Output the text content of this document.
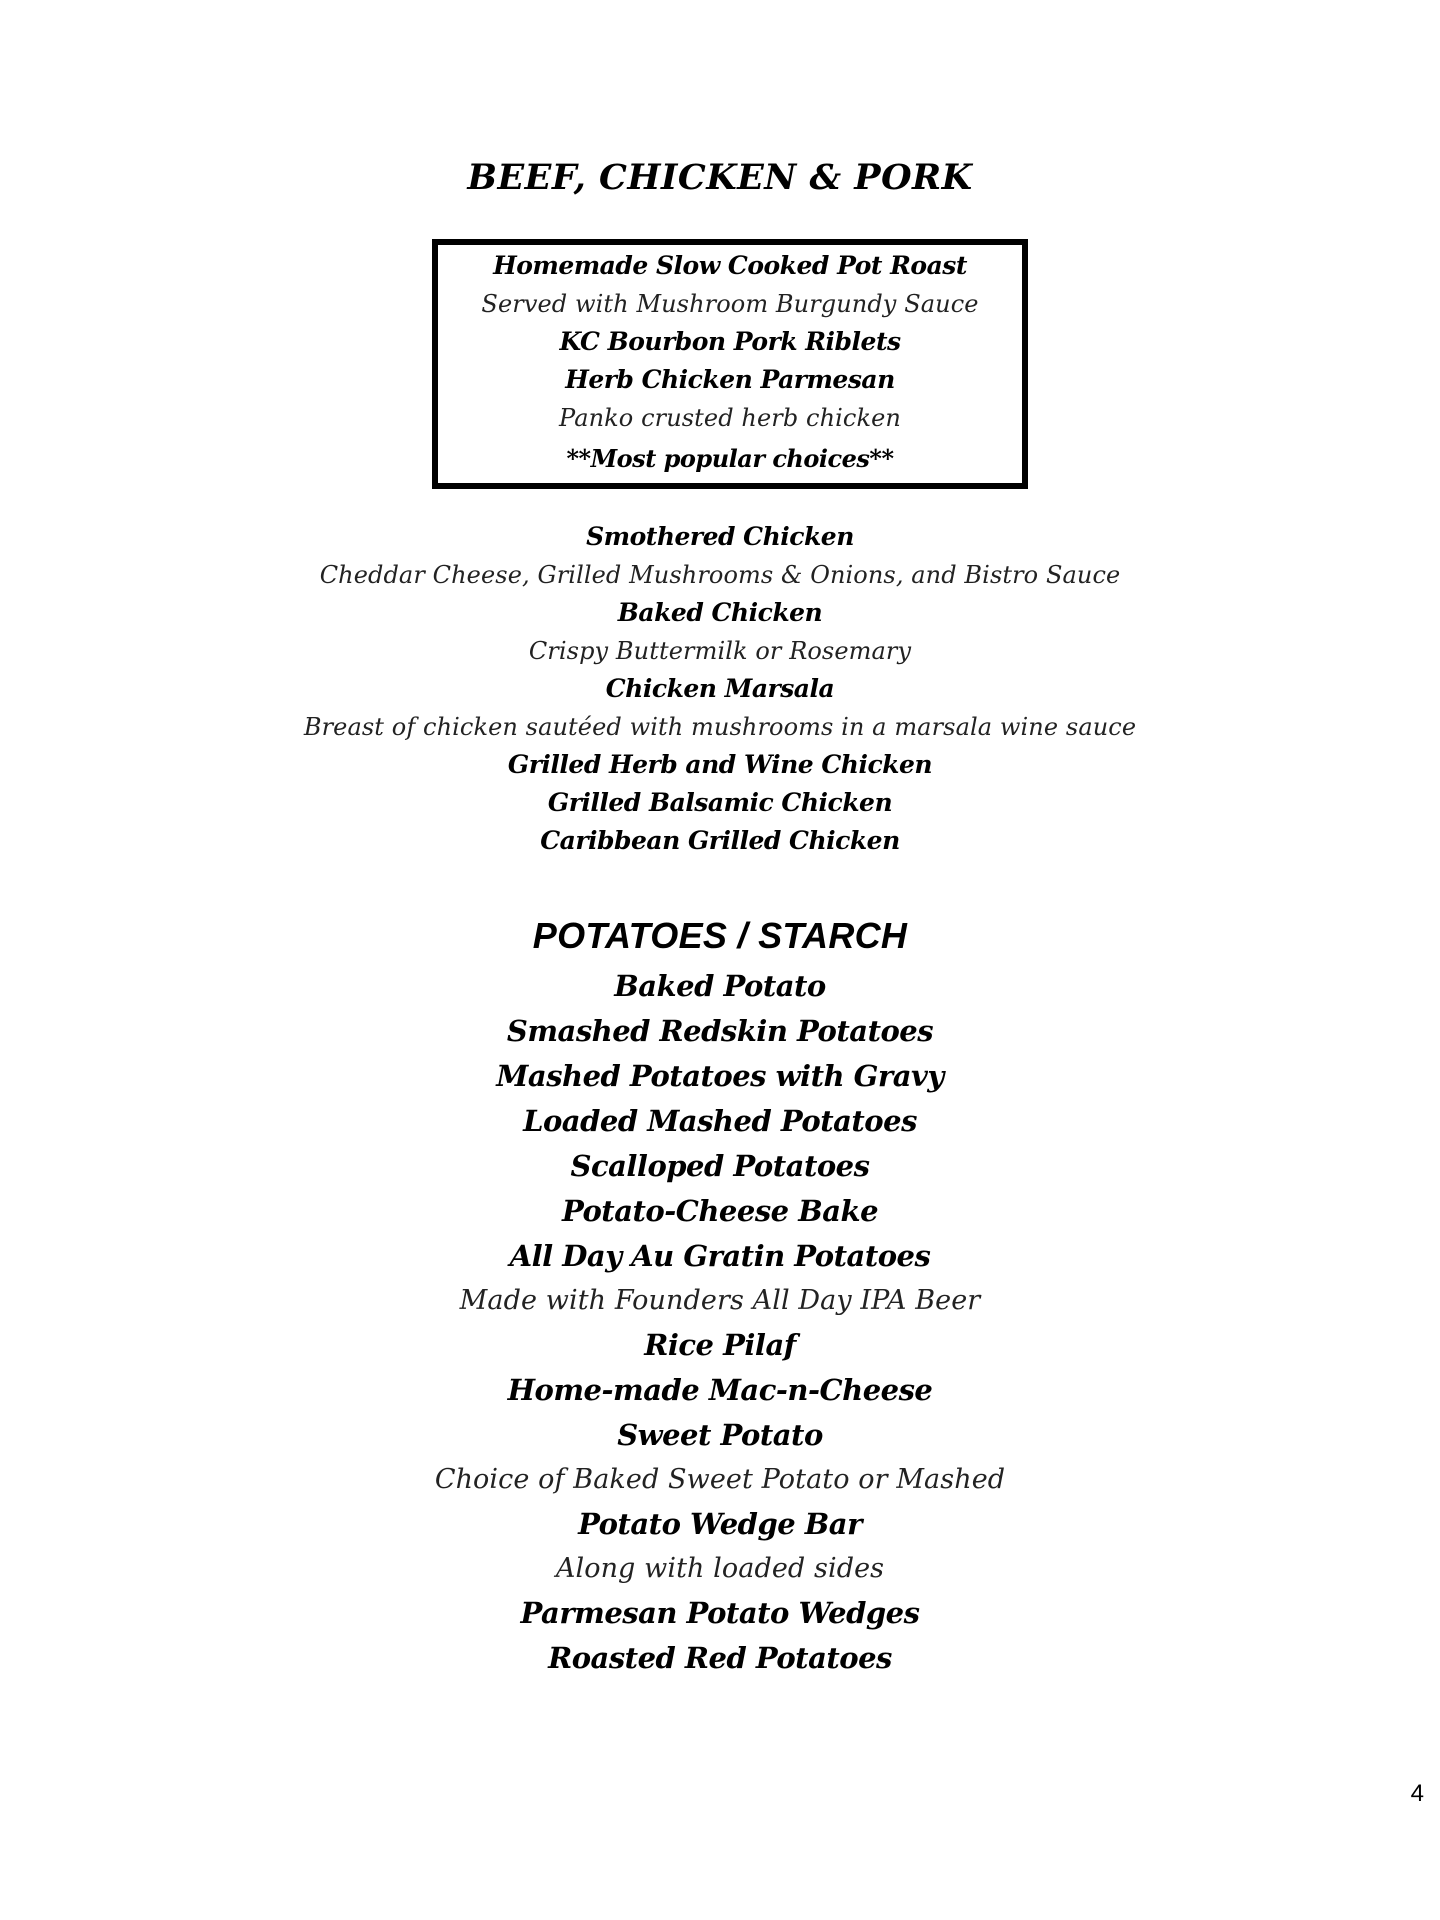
BEEF, CHICKEN & PORK
Homemade Slow Cooked Pot Roast
Served with Mushroom Burgundy Sauce
KC Bourbon Pork Riblets
Herb Chicken Parmesan
Panko crusted herb chicken
**Most popular choices**
Smothered Chicken
Cheddar Cheese, Grilled Mushrooms & Onions, and Bistro Sauce
Baked Chicken
Crispy Buttermilk or Rosemary
Chicken Marsala
Breast of chicken sautéed with mushrooms in a marsala wine sauce
Grilled Herb and Wine Chicken
Grilled Balsamic Chicken
Caribbean Grilled Chicken
POTATOES / STARCH
Baked Potato
Smashed Redskin Potatoes
Mashed Potatoes with Gravy
Loaded Mashed Potatoes
Scalloped Potatoes
Potato-Cheese Bake
All Day Au Gratin Potatoes
Made with Founders All Day IPA Beer
Rice Pilaf
Home-made Mac-n-Cheese
Sweet Potato
Choice of Baked Sweet Potato or Mashed
Potato Wedge Bar
Along with loaded sides
Parmesan Potato Wedges
Roasted Red Potatoes
4
